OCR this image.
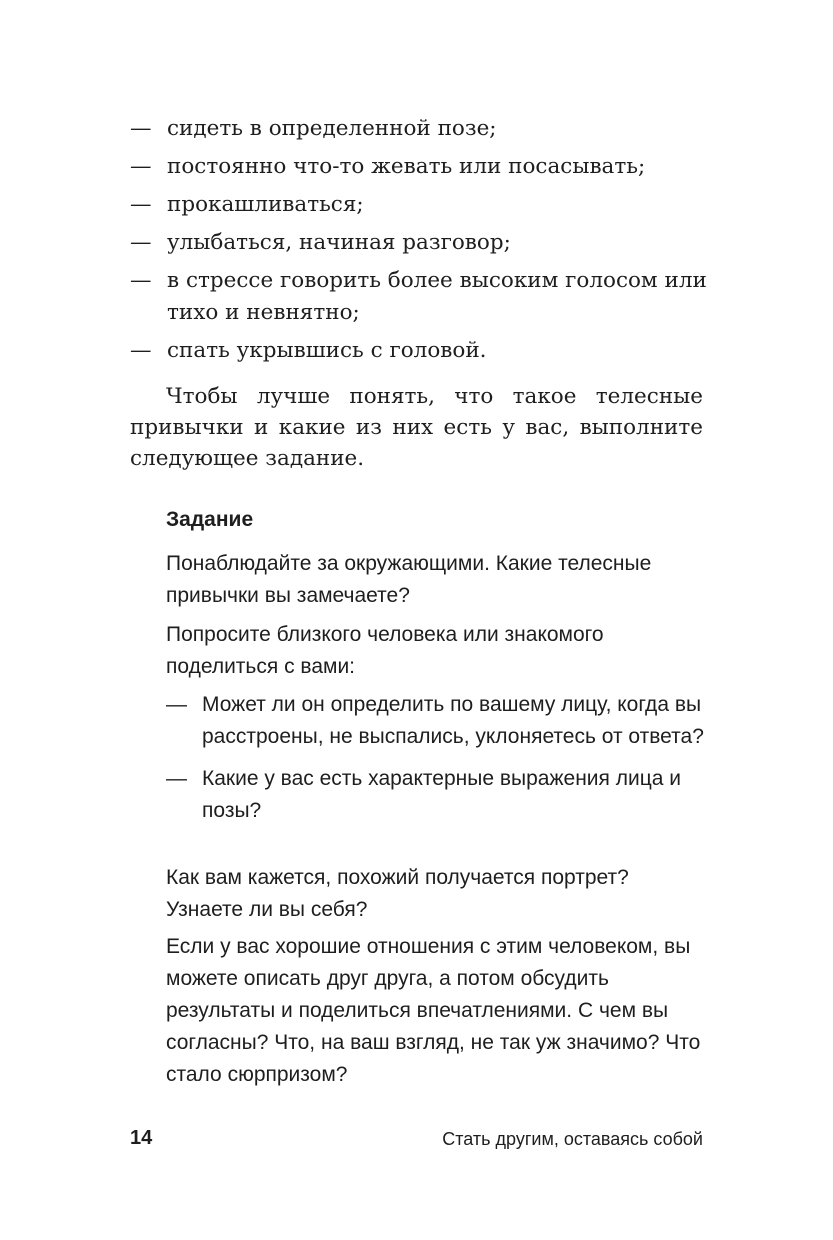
— сидеть в определенной позе;
— постоянно что-то жевать или посасывать;
— прокашливаться;
— улыбаться, начиная разговор;
— в стрессе говорить более высоким голосом или тихо и невнятно;
— спать укрывшись с головой.
Чтобы лучше понять, что такое телесные привычки и какие из них есть у вас, выполните следующее задание.
Задание
Понаблюдайте за окружающими. Какие телесные привычки вы замечаете?
Попросите близкого человека или знакомого поделиться с вами:
— Может ли он определить по вашему лицу, когда вы расстроены, не выспались, уклоняетесь от ответа?
— Какие у вас есть характерные выражения лица и позы?
Как вам кажется, похожий получается портрет? Узнаете ли вы себя?
Если у вас хорошие отношения с этим человеком, вы можете описать друг друга, а потом обсудить результаты и поделиться впечатлениями. С чем вы согласны? Что, на ваш взгляд, не так уж значимо? Что стало сюрпризом?
14	Стать другим, оставаясь собой
